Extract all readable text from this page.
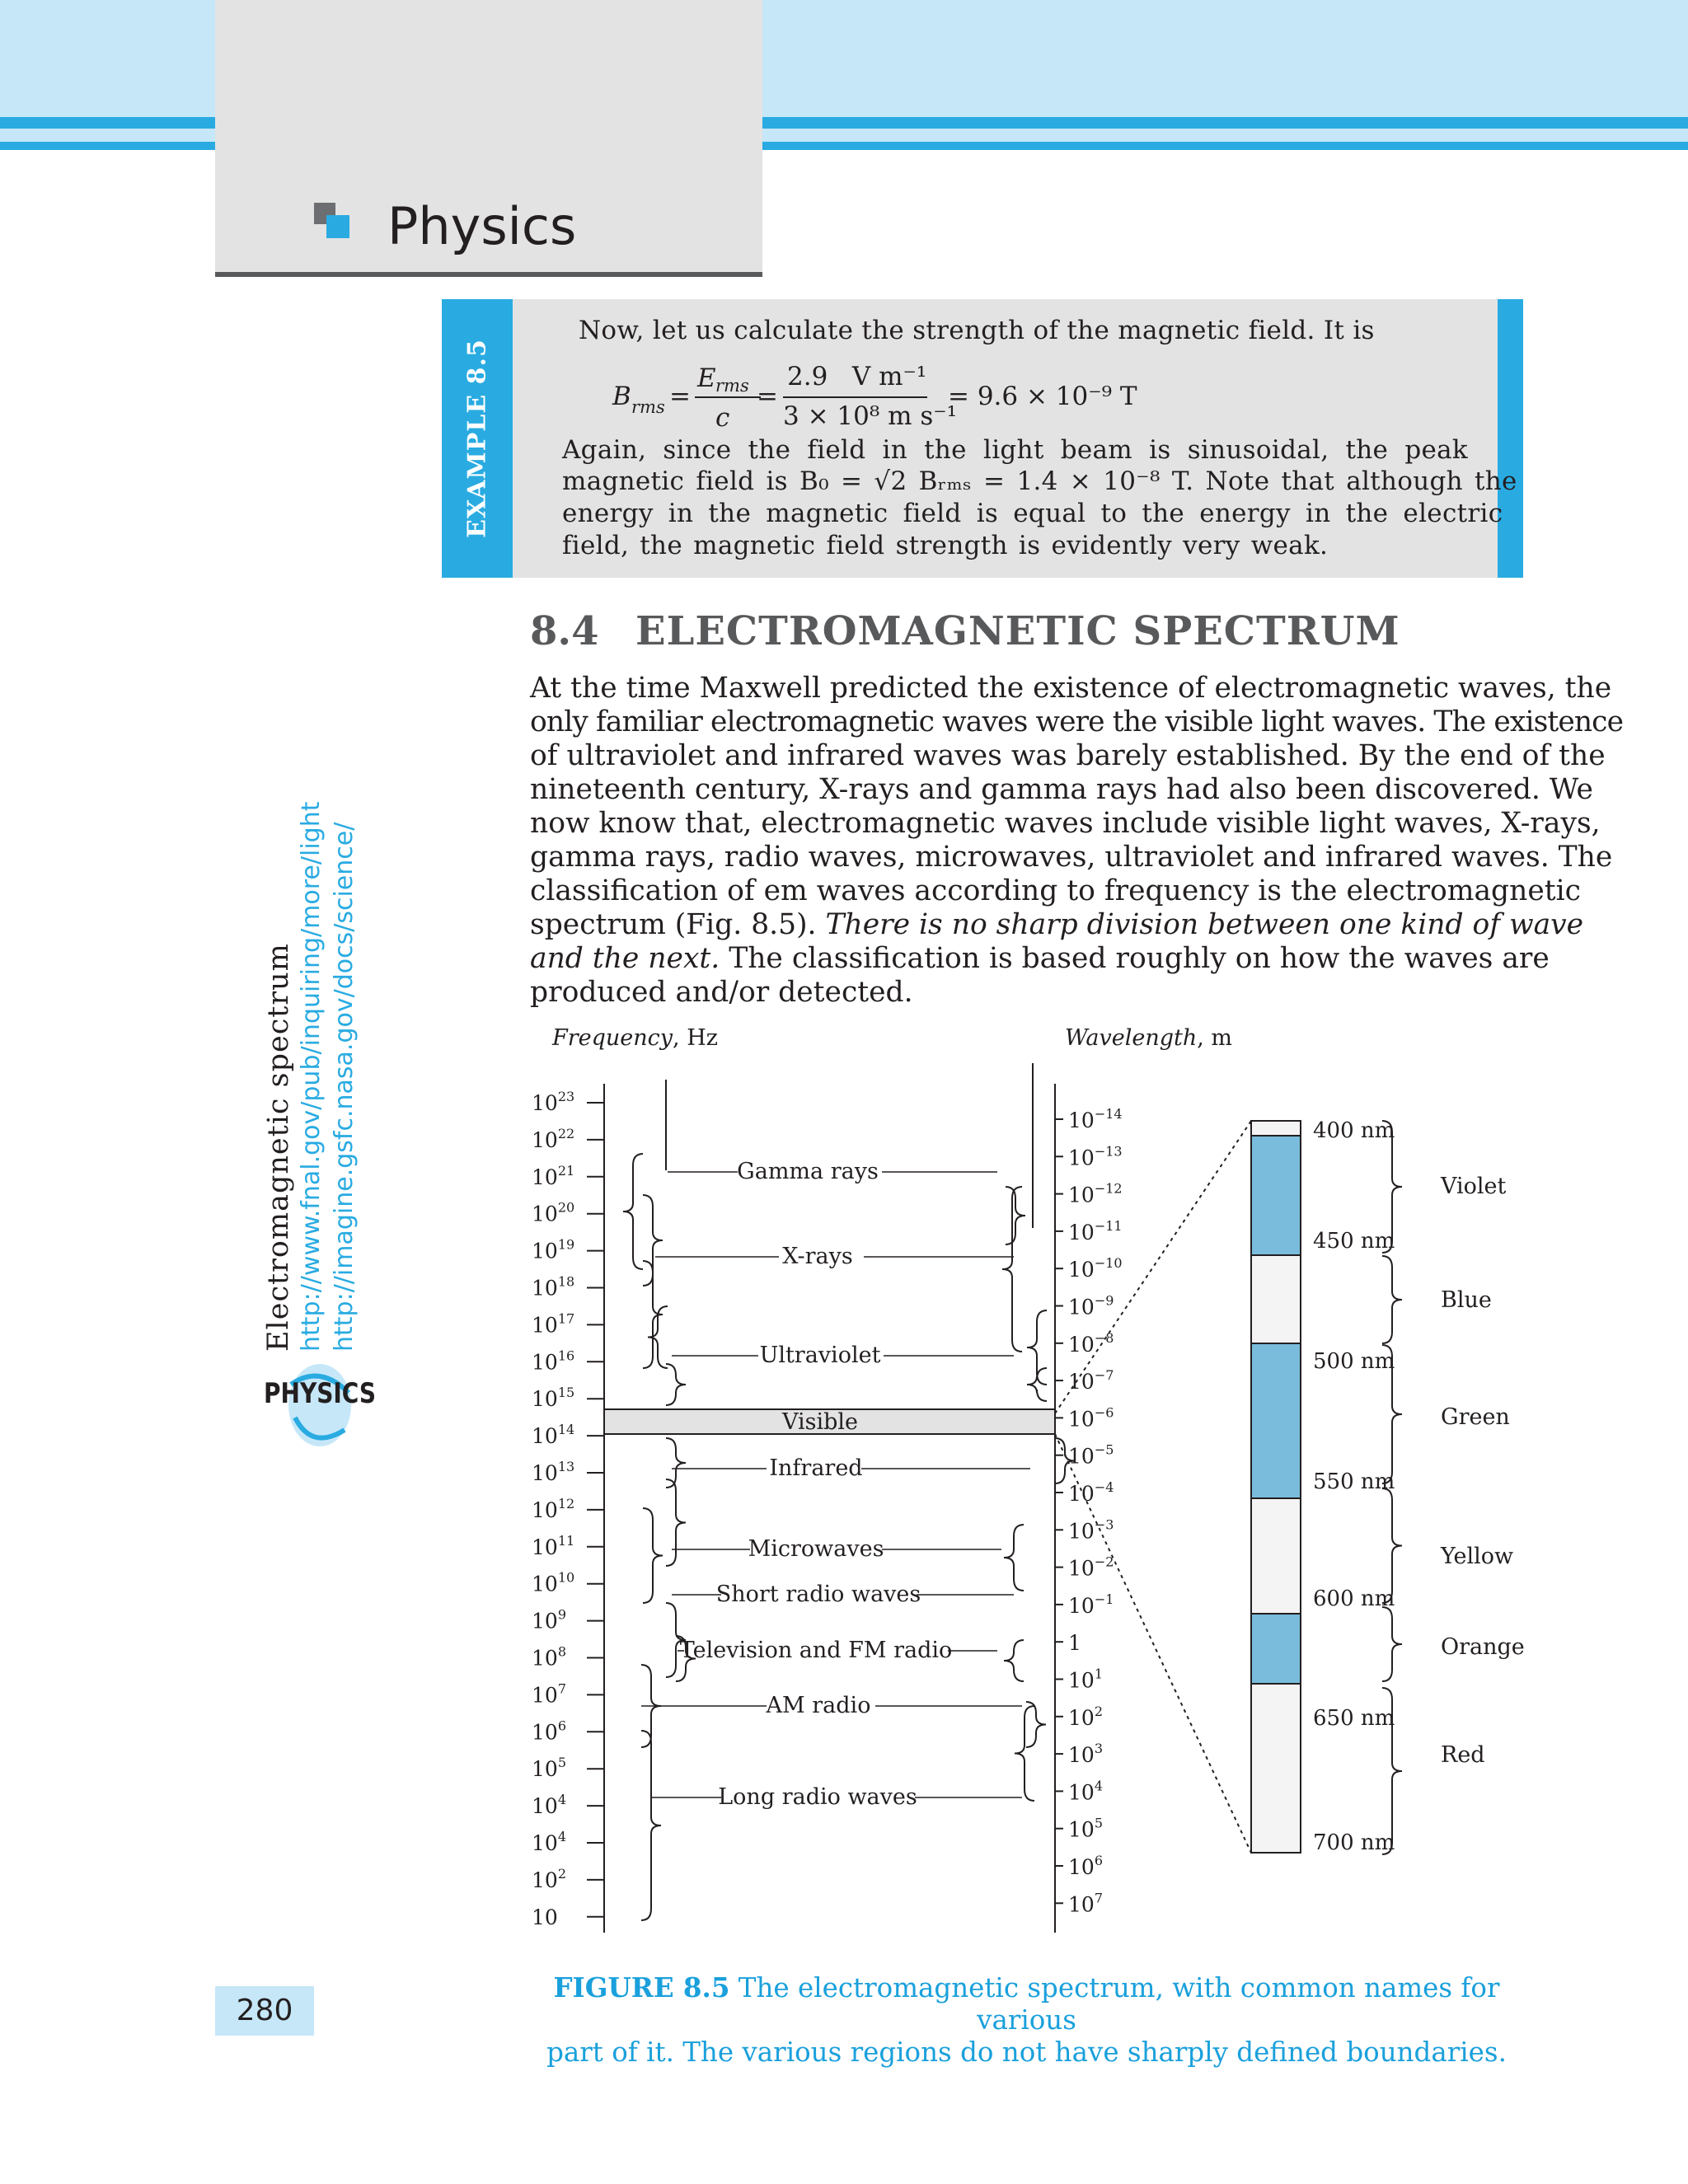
Physics
EXAMPLE 8.5
Now, let us calculate the strength of the magnetic field. It is
B rms =
E rms
c
=
2.9   V m⁻¹
3 × 10⁸ m s⁻¹
= 9.6 × 10⁻⁹ T
Again, since the field in the light beam is sinusoidal, the peak
magnetic field is B₀ = √2 Bᵣₘₛ = 1.4 × 10⁻⁸ T. Note that although the
energy in the magnetic field is equal to the energy in the electric
field, the magnetic field strength is evidently very weak.
8.4 ELECTROMAGNETIC SPECTRUM
At the time Maxwell predicted the existence of electromagnetic waves, the
only familiar electromagnetic waves were the visible light waves. The existence
of ultraviolet and infrared waves was barely established. By the end of the
nineteenth century, X-rays and gamma rays had also been discovered. We
now know that, electromagnetic waves include visible light waves, X-rays,
gamma rays, radio waves, microwaves, ultraviolet and infrared waves. The
classification of em waves according to frequency is the electromagnetic
spectrum (Fig. 8.5). There is no sharp division between one kind of wave
and the next. The classification is based roughly on how the waves are
produced and/or detected.
Electromagnetic spectrum http://www.fnal.gov/pub/inquiring/more/light http://imagine.gsfc.nasa.gov/docs/science/
PHYSICS
280
Frequency, Hz	Wavelength, m
$10^{23}$
$10^{22}$
$10^{21}$
$10^{20}$
$10^{19}$
$10^{18}$
$10^{17}$
$10^{16}$
$10^{15}$
$10^{14}$
$10^{13}$
$10^{12}$
$10^{11}$
$10^{10}$
$10^9$
$10^8$
$10^7$
$10^6$
$10^5$
$10^4$
$10^4$
$10^2$
10
$10^{-14}$
$10^{-13}$
$10^{-12}$
$10^{-11}$
$10^{-10}$
$10^{-9}$
$10^{-8}$
$10^{-7}$
$10^{-6}$
$10^{-5}$
$10^{-4}$
$10^{-3}$
$10^{-2}$
$10^{-1}$
1
$10^1$
$10^2$
$10^3$
$10^4$
$10^5$
$10^6$
$10^7$
Gamma rays
X-rays
Ultraviolet
Visible
Infrared
Microwaves
Short radio waves
Television and FM radio
AM radio
Long radio waves
400 nm
450 nm
500 nm
550 nm
600 nm
650 nm
700 nm
Violet
Blue
Green
Yellow
Orange
Red
FIGURE 8.5 The electromagnetic spectrum, with common names for various
part of it. The various regions do not have sharply defined boundaries.
